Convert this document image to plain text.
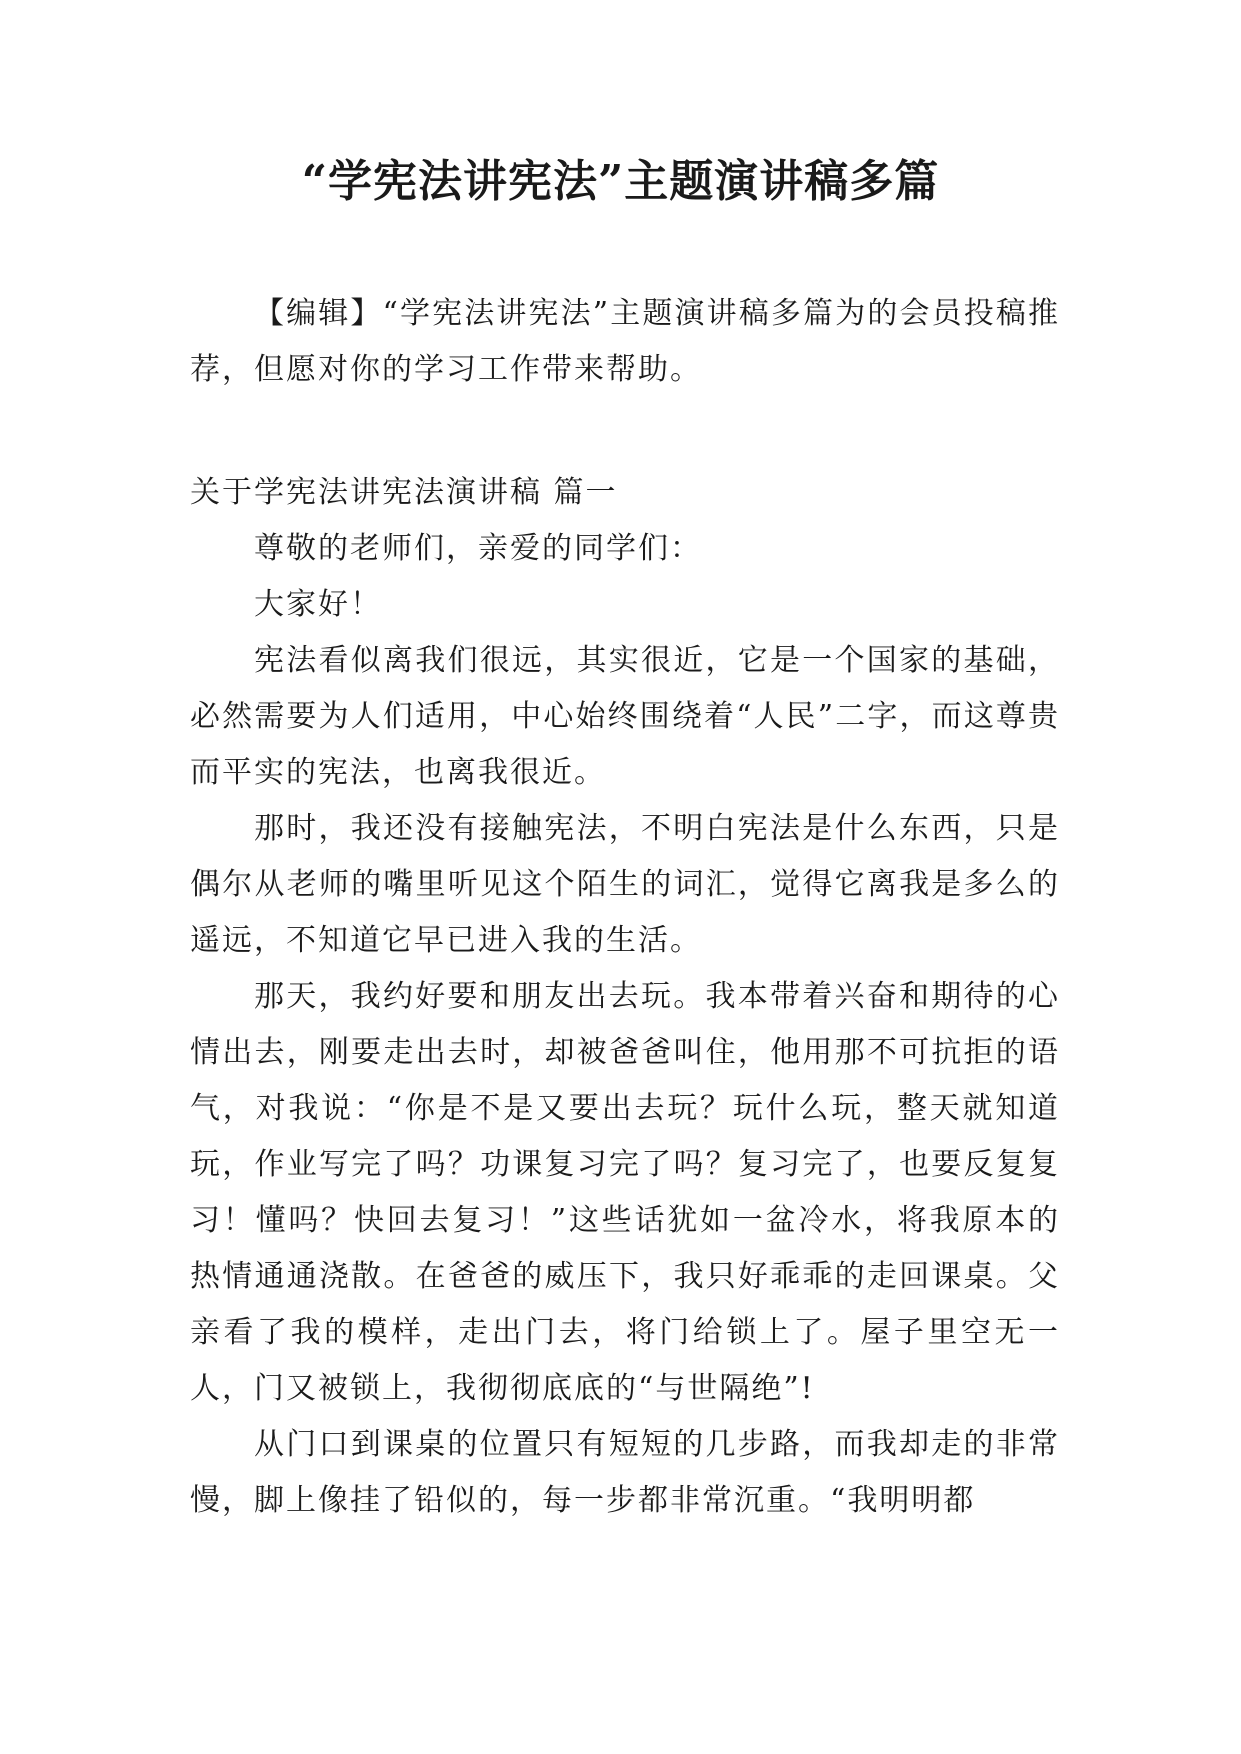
“学宪法讲宪法”主题演讲稿多篇

【编辑】“学宪法讲宪法”主题演讲稿多篇为的会员投稿推荐，但愿对你的学习工作带来帮助。

关于学宪法讲宪法演讲稿 篇一

尊敬的老师们，亲爱的同学们：

大家好！

宪法看似离我们很远，其实很近，它是一个国家的基础，必然需要为人们适用，中心始终围绕着“人民”二字，而这尊贵而平实的宪法，也离我很近。

那时，我还没有接触宪法，不明白宪法是什么东西，只是偶尔从老师的嘴里听见这个陌生的词汇，觉得它离我是多么的遥远，不知道它早已进入我的生活。

那天，我约好要和朋友出去玩。我本带着兴奋和期待的心情出去，刚要走出去时，却被爸爸叫住，他用那不可抗拒的语气，对我说：“你是不是又要出去玩？玩什么玩，整天就知道玩，作业写完了吗？功课复习完了吗？复习完了，也要反复复习！懂吗？快回去复习！”这些话犹如一盆冷水，将我原本的热情通通浇散。在爸爸的威压下，我只好乖乖的走回课桌。父亲看了我的模样，走出门去，将门给锁上了。屋子里空无一人，门又被锁上，我彻彻底底的“与世隔绝”!

从门口到课桌的位置只有短短的几步路，而我却走的非常慢，脚上像挂了铅似的，每一步都非常沉重。“我明明都
